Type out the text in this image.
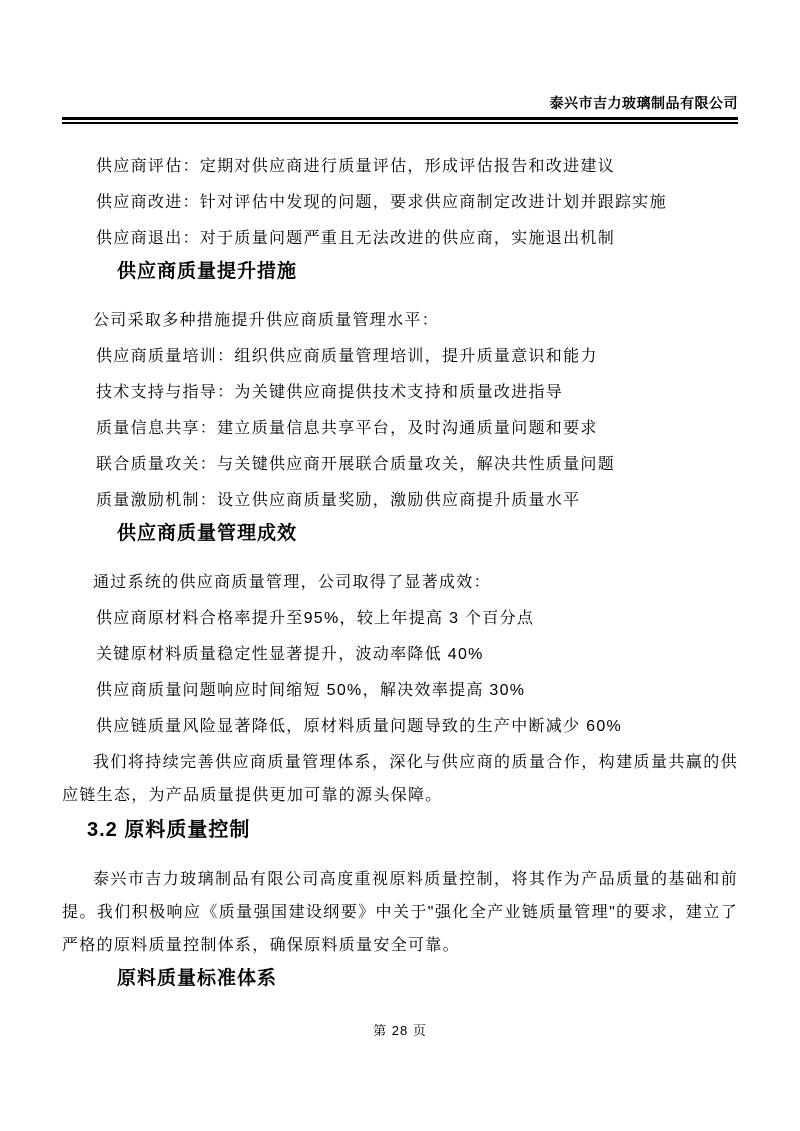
泰兴市吉力玻璃制品有限公司

供应商评估：定期对供应商进行质量评估，形成评估报告和改进建议

供应商改进：针对评估中发现的问题，要求供应商制定改进计划并跟踪实施

供应商退出：对于质量问题严重且无法改进的供应商，实施退出机制

供应商质量提升措施

公司采取多种措施提升供应商质量管理水平：

供应商质量培训：组织供应商质量管理培训，提升质量意识和能力

技术支持与指导：为关键供应商提供技术支持和质量改进指导

质量信息共享：建立质量信息共享平台，及时沟通质量问题和要求

联合质量攻关：与关键供应商开展联合质量攻关，解决共性质量问题

质量激励机制：设立供应商质量奖励，激励供应商提升质量水平

供应商质量管理成效

通过系统的供应商质量管理，公司取得了显著成效：

供应商原材料合格率提升至95%，较上年提高 3 个百分点

关键原材料质量稳定性显著提升，波动率降低 40%

供应商质量问题响应时间缩短 50%，解决效率提高 30%

供应链质量风险显著降低，原材料质量问题导致的生产中断减少 60%

我们将持续完善供应商质量管理体系，深化与供应商的质量合作，构建质量共赢的供应链生态，为产品质量提供更加可靠的源头保障。

3.2 原料质量控制

泰兴市吉力玻璃制品有限公司高度重视原料质量控制，将其作为产品质量的基础和前提。我们积极响应《质量强国建设纲要》中关于"强化全产业链质量管理"的要求，建立了严格的原料质量控制体系，确保原料质量安全可靠。

原料质量标准体系
第 28 页
